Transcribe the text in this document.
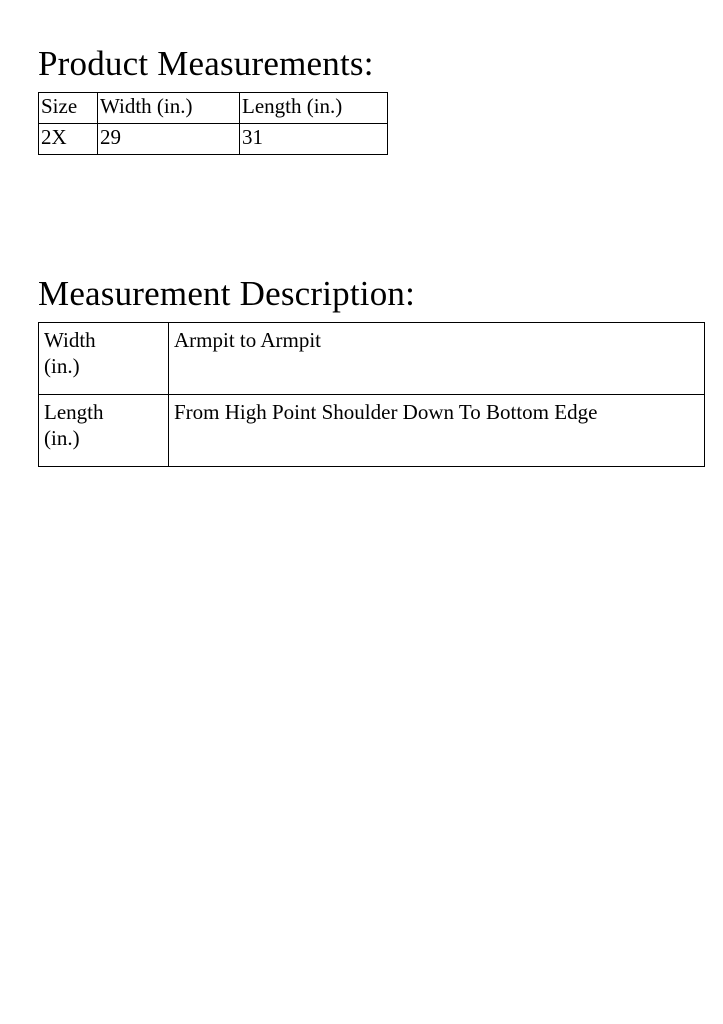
Product Measurements:
Size	Width (in.)	Length (in.)
2X	29	31
Measurement Description:
Width
(in.)	Armpit to Armpit
Length
(in.)	From High Point Shoulder Down To Bottom Edge
